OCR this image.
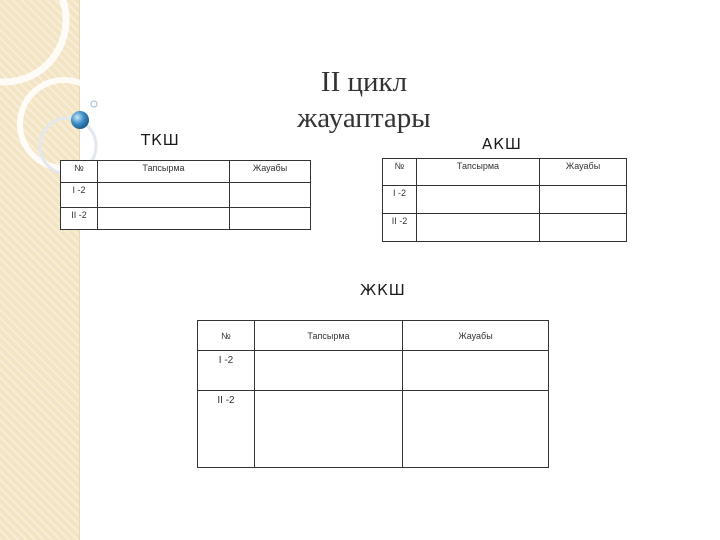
II цикл
жауаптары
ТКШ
№	Тапсырма	Жауабы
I -2		
II -2		
АКШ
№	Тапсырма	Жауабы
I -2		
II -2		
ЖКШ
№	Тапсырма	Жауабы
I -2		
II -2		
